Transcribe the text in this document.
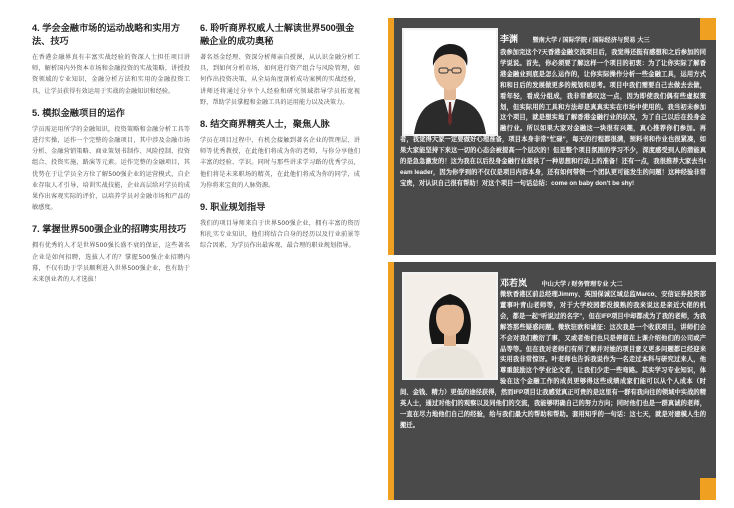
4. 学会金融市场的运动战略和实用方法、技巧

在香港金融界真有丰富实战经验的资深人士担任项目讲师，解析国内外资本市场和金融投资的实战策略，讲授投资领域的专业知识，金融分析方法和实用的金融投资工具，让学员获得有效运用于实战的金融知识和经验。

5. 模拟金融项目的运作

学员需运用所学的金融知识，投资策略和金融分析工具等进行实操，运作一个完整的金融项目，其中涉及金融市场分析、金融营销策略、商业策划书制作、风险控制、投资组合、投资实施、路演等元素。运作完整的金融项目，其优势在于让学员全方位了解500强企业的运营模式，自企业存取人才引导，培训实战技能，企业高层给对学员的成果作出客观实际的评价，以培养学员对金融市场和产品的敏感度。

7. 掌握世界500强企业的招聘实用技巧

拥有优秀的人才是世界500强长盛不衰的保证，这些著名企业是如何招聘，选拔人才的？掌握500强企业招聘内幕，不仅有助于学员顺利进入世界500强企业，也有助于未来创业者的人才选拔！

6. 聆听商界权威人士解读世界500强金融企业的成功奥秘

著名基金经理、资深分析师亲自授课，从认识金融分析工具，到如何分析市场，如何进行资产组合与风险管理，如何作出投资决策，从全局角度剖析成功案例的实战经验，讲师还将通过分享个人经验和研究领域指导学员拓宽视野，帮助学员掌握和金融工具的运用能力以及决策力。

8. 结交商界精英人士，聚焦人脉

学员在项目过程中，有机会接触到著名企业的管理层、讲师等优秀教授，在此他们将成为你的老师，与你分享他们丰富的经验、学识。同时与那些讲求学习路的优秀学员，他们将是未来职场的精英，在此他们将成为你的同学，成为你将来宝贵的人脉资源。

9. 职业规划指导

我们的项目导师来自于世界500强企业，拥有丰富的资历和扎实专业知识，他们将结合自身的经历以及行业前景等综合因素，为学员作出最客观、最合理的职业规划指导。

李渊 暨南大学 / 国际学院 / 国际经济与贸易 大三
我参加完这个7天香港金融交流项目后，我觉得还挺有感想和之后参加的同学说说。首先，你必须要了解这样一个项目的初衷：为了让你实际了解香港金融业到底是怎么运作的，让你实际操作分析一些金融工具，运用方式和和日后的发展做更多的规划和思考。项目中我们需要自己去做去去做，看年轻，看成分组成，我非常感叹这一点，因为即使我们偶有些虚拟策划，但实际用的工具和方法却是真真实实在市场中使用的。我当初未参加这个项目，就是想实地了解香港金融行业的状况，为了自己以后在投身金融行业。所以如果大家对金融这一块很有兴趣，真心推荐你们参加。再者，我觉得大家一定要做好心理准备，项目本身非常“忙碌”，每天的行程都很满，预料书和作业也很紧凑，如果大家能坚持下来这一切的心态会被提高一个层次的！但是整个项目氛围的学习不少，深度感受到人的潜能真的是急急激发的！这为我在以后投身金融行业提供了一种思想和行动上的准备！还有一点，我很推荐大家去当team leader，因为你学到的不仅仅是项目内容本身，还有如何带领一个团队更可能发生的问题！这种经验非常宝贵，对认识自己很有帮助！对这个项目一句话总结：come on baby don't be shy!
邓若岚 中山大学 / 财务管理专业 大二
微软香港区前总经理Jimmy、英国保诚区域总监Marco、安信证券投资部董事叶青山老师等，对于大学校园都没摸熟的我来说这是亲近大佬的机会，都是一起“听说过的名字”，但在IFP项目中却都成为了我的老师，为我解答那些疑惑问题。微软驻欧和诚征：这次我是一个收获项目，讲师们会不会对我们敷衍了事，又或者他们也只是停留在上课介绍他们的公司或产品等等。但在我对老师们有所了解并对她的项目意义更多问题都已经迎来实用我非常惊讶。叶老师也告诉我说作为一名走过本科与研究过来人，他尊重鼓励这个学业论文者，让我们少走一些弯路。其实学习专业知识，体验在这个金融工作的成员更够得这些成绩成家们能可以从个人成本（时间、金钱、精力）更低的途径获得，然而IFP项目让我感觉真正可贵的是这里有一群有我向往的领域中实战的精英人士，通过对他们的观察以及同他们的交流，我能够明确自己的努力方向；同时他们也是一群真诚的老师，一直在尽力地他们自己的经验，给与我们最大的帮助和帮助。套用知乎的一句话：这七天，就是对建模人生的搬迁。
